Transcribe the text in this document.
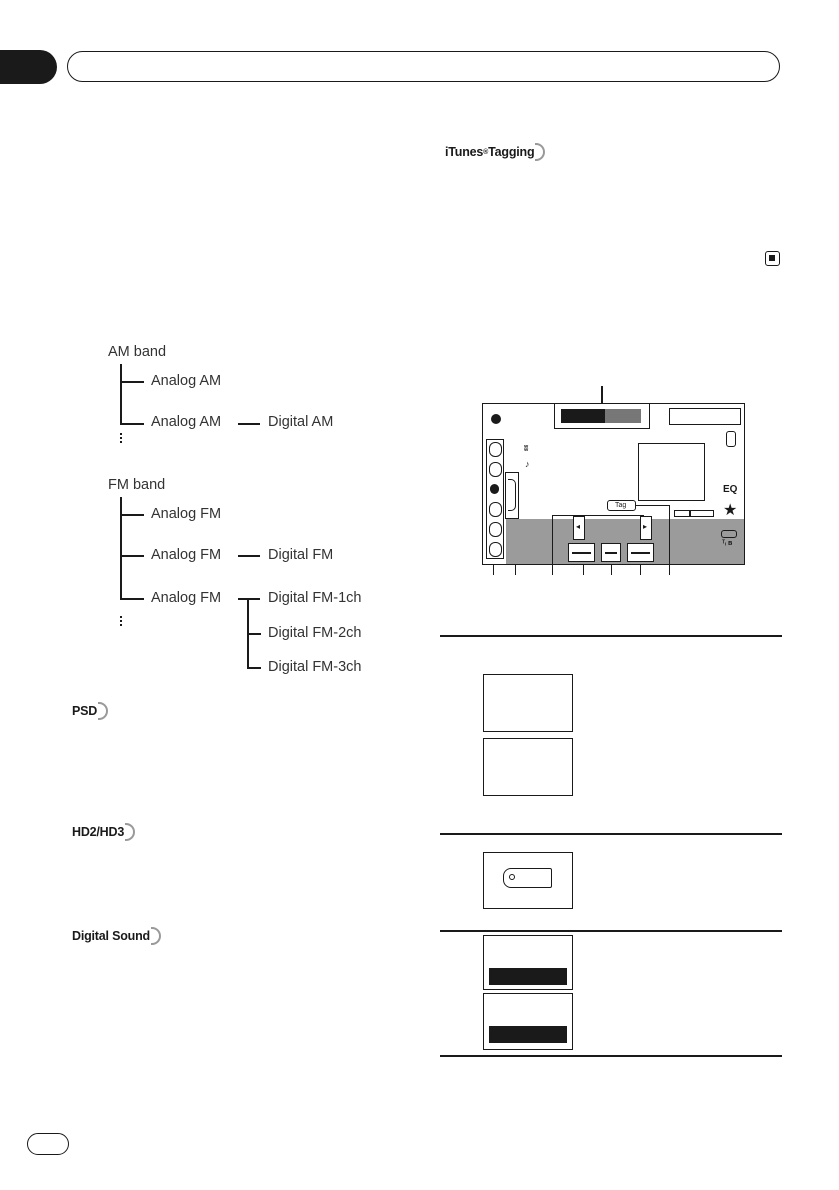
AM band
Analog AM
Analog AM	Digital AM
FM band
Analog FM
Analog FM	Digital FM
Analog FM	Digital FM-1ch
Digital FM-2ch
Digital FM-3ch
PSD
HD2/HD3
Digital Sound
iTunes ® Tagging
ʬ
♪
EQ
★
Tag
◂	▸
ᵀᵢ ʙ
